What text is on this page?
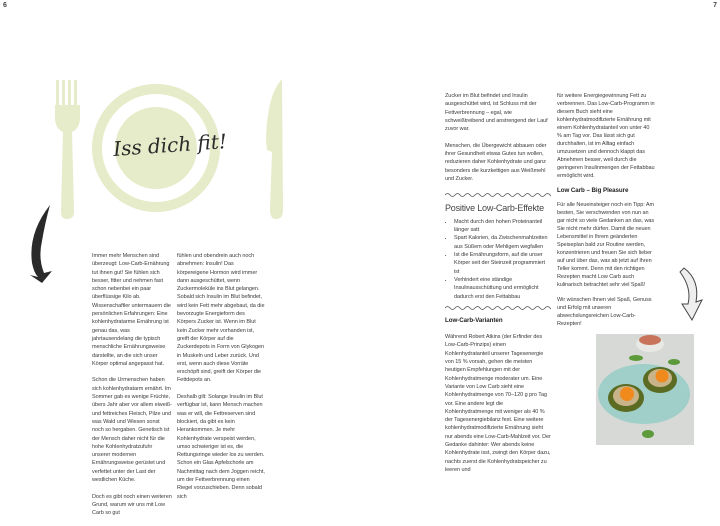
6	7
Iss dich fit!

Immer mehr Menschen sind überzeugt: Low-Carb-Ernährung tut ihnen gut! Sie fühlen sich besser, fitter und nehmen fast schon nebenbei ein paar überflüssige Kilo ab. Wissenschaftler untermauern die persönlichen Erfahrungen: Eine kohlenhydratarme Ernährung ist genau das, was jahrtausendelang die typisch menschliche Ernährungsweise darstellte, an die sich unser Körper optimal angepasst hat.

Schon die Urmenschen haben sich kohlenhydratarm ernährt. Im Sommer gab es wenige Früchte, übers Jahr aber vor allem eiweiß- und fettreiches Fleisch, Pilze und was Wald und Wiesen sonst noch so hergaben. Genetisch ist der Mensch daher nicht für die hohe Kohlenhydratzufuhr unserer modernen Ernährungsweise gerüstet und verfettet unter der Last der westlichen Küche.

Doch es gibt noch einen weiteren Grund, warum wir uns mit Low Carb so gut

fühlen und obendrein auch noch abnehmen: Insulin! Das körpereigene Hormon wird immer dann ausgeschüttet, wenn Zuckermoleküle ins Blut gelangen. Sobald sich Insulin im Blut befindet, wird kein Fett mehr abgebaut, da die bevorzugte Energieform des Körpers Zucker ist. Wenn im Blut kein Zucker mehr vorhanden ist, greift der Körper auf die Zuckerdepots in Form von Glykogen in Muskeln und Leber zurück. Und erst, wenn auch diese Vorräte erschöpft sind, greift der Körper die Fettdepots an.

Deshalb gilt: Solange Insulin im Blut verfügbar ist, kann Mensch machen was er will, die Fettreserven sind blockiert, da gibt es kein Herankommen. Je mehr Kohlenhydrate verspeist werden, umso schwieriger ist es, die Rettungsringe wieder los zu werden. Schon ein Glas Apfelschorle am Nachmittag nach dem Joggen reicht, um der Fettverbrennung einen Riegel vorzuschieben. Denn sobald sich

Zucker im Blut befindet und Insulin ausgeschüttet wird, ist Schluss mit der Fettverbrennung – egal, wie schweißtreibend und anstrengend der Lauf zuvor war.

Menschen, die Übergewicht abbauen oder ihrer Gesundheit etwas Gutes tun wollen, reduzieren daher Kohlenhydrate und ganz besonders die kurzkettigen aus Weißmehl und Zucker.

Positive Low-Carb-Effekte
• Macht durch den hohen Proteinanteil länger satt
• Spart Kalorien, da Zwischenmahlzeiten aus Süßem oder Mehligem wegfallen
• Ist die Ernährungsform, auf die unser Körper seit der Steinzeit programmiert ist
• Verhindert eine ständige Insulinausschüttung und ermöglicht dadurch erst den Fettabbau
Low-Carb-Varianten

Während Robert Atkins (der Erfinder des Low-Carb-Prinzips) einen Kohlenhydratanteil unserer Tagesenergie von 15 % vorsah, gehen die meisten heutigen Empfehlungen mit der Kohlenhydratmenge moderater um. Eine Variante von Low Carb sieht eine Kohlenhydratmenge von 70–120 g pro Tag vor. Eine andere legt die Kohlenhydratmenge mit weniger als 40 % der Tagesenergiebilanz fest. Eine weitere kohlenhydratmodifizierte Ernährung sieht nur abends eine Low-Carb-Mahlzeit vor. Der Gedanke dahinter: Wer abends keine Kohlenhydrate isst, zwingt den Körper dazu, nachts zuerst die Kohlenhydratspeicher zu leeren und

für weitere Energiegewinnung Fett zu verbrennen. Das Low-Carb-Programm in diesem Buch sieht eine kohlenhydratmodifizierte Ernährung mit einem Kohlenhydratanteil von unter 40 % am Tag vor. Das lässt sich gut durchhalten, ist im Alltag einfach umzusetzen und dennoch klappt das Abnehmen besser, weil durch die geringeren Insulinmengen der Fettabbau ermöglicht wird.

Low Carb – Big Pleasure

Für alle Neueinsteiger noch ein Tipp: Am besten, Sie verschwenden von nun an gar nicht so viele Gedanken an das, was Sie nicht mehr dürfen. Damit die neuen Lebensmittel in Ihrem geänderten Speiseplan bald zur Routine werden, konzentrieren und freuen Sie sich lieber auf und über das, was ab jetzt auf Ihren Teller kommt. Denn mit den richtigen Rezepten macht Low Carb auch kulinarisch betrachtet sehr viel Spaß!

Wir wünschen Ihnen viel Spaß, Genuss und Erfolg mit unseren abwechslungsreichen Low-Carb-Rezepten!
